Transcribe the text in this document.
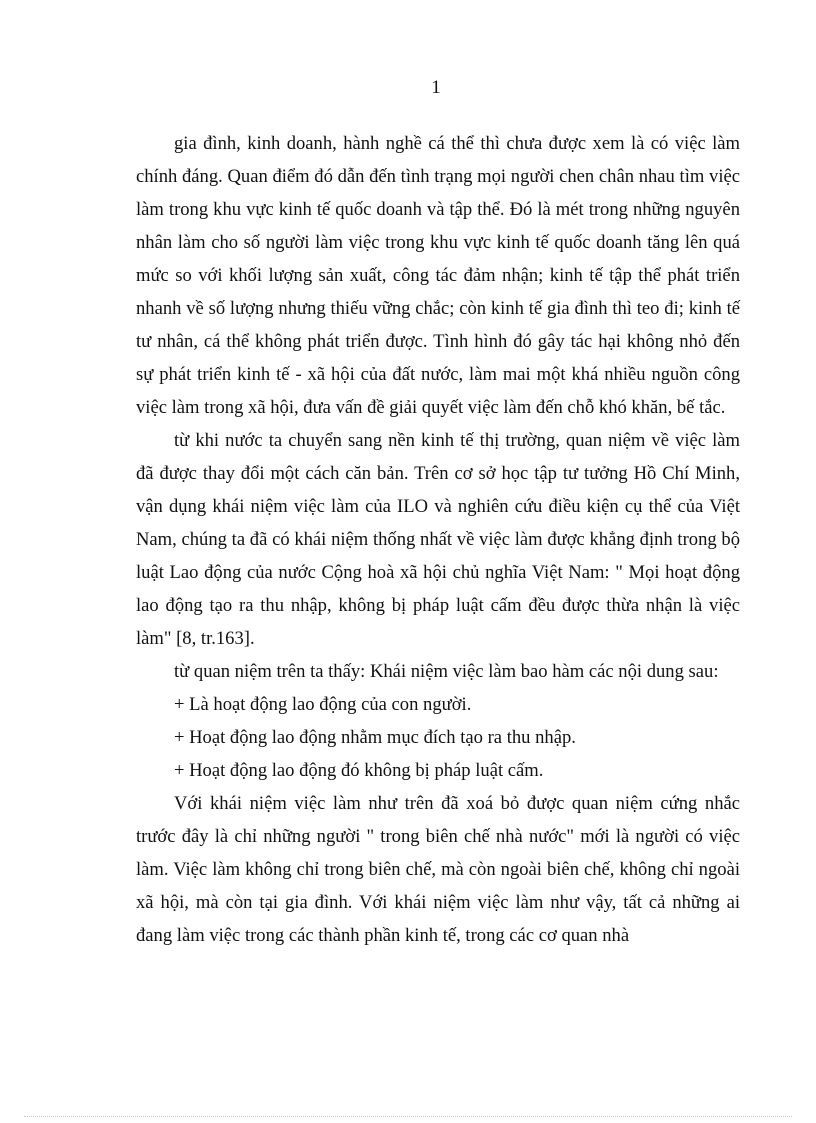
1

gia đình, kinh doanh, hành nghề cá thể thì chưa được xem là có việc làm chính đáng. Quan điểm đó dẫn đến tình trạng mọi người chen chân nhau tìm việc làm trong khu vực kinh tế quốc doanh và tập thể. Đó là mét trong những nguyên nhân làm cho số người làm việc trong khu vực kinh tế quốc doanh tăng lên quá mức so với khối lượng sản xuất, công tác đảm nhận; kinh tế tập thể phát triển nhanh về số lượng nhưng thiếu vững chắc; còn kinh tế gia đình thì teo đi; kinh tế tư nhân, cá thể không phát triển được. Tình hình đó gây tác hại không nhỏ đến sự phát triển kinh tế - xã hội của đất nước, làm mai một khá nhiều nguồn công việc làm trong xã hội, đưa vấn đề giải quyết việc làm đến chỗ khó khăn, bế tắc.

từ khi nước ta chuyển sang nền kinh tế thị trường, quan niệm về việc làm đã được thay đổi một cách căn bản. Trên cơ sở học tập tư tưởng Hồ Chí Minh, vận dụng khái niệm việc làm của ILO và nghiên cứu điều kiện cụ thể của Việt Nam, chúng ta đã có khái niệm thống nhất về việc làm được khẳng định trong bộ luật Lao động của nước Cộng hoà xã hội chủ nghĩa Việt Nam: " Mọi hoạt động lao động tạo ra thu nhập, không bị pháp luật cấm đều được thừa nhận là việc làm" [8, tr.163].

từ quan niệm trên ta thấy: Khái niệm việc làm bao hàm các nội dung sau:

+ Là hoạt động lao động của con người.

+ Hoạt động lao động nhằm mục đích tạo ra thu nhập.

+ Hoạt động lao động đó không bị pháp luật cấm.

Với khái niệm việc làm như trên đã xoá bỏ được quan niệm cứng nhắc trước đây là chỉ những người " trong biên chế nhà nước" mới là người có việc làm. Việc làm không chỉ trong biên chế, mà còn ngoài biên chế, không chỉ ngoài xã hội, mà còn tại gia đình. Với khái niệm việc làm như vậy, tất cả những ai đang làm việc trong các thành phần kinh tế, trong các cơ quan nhà
